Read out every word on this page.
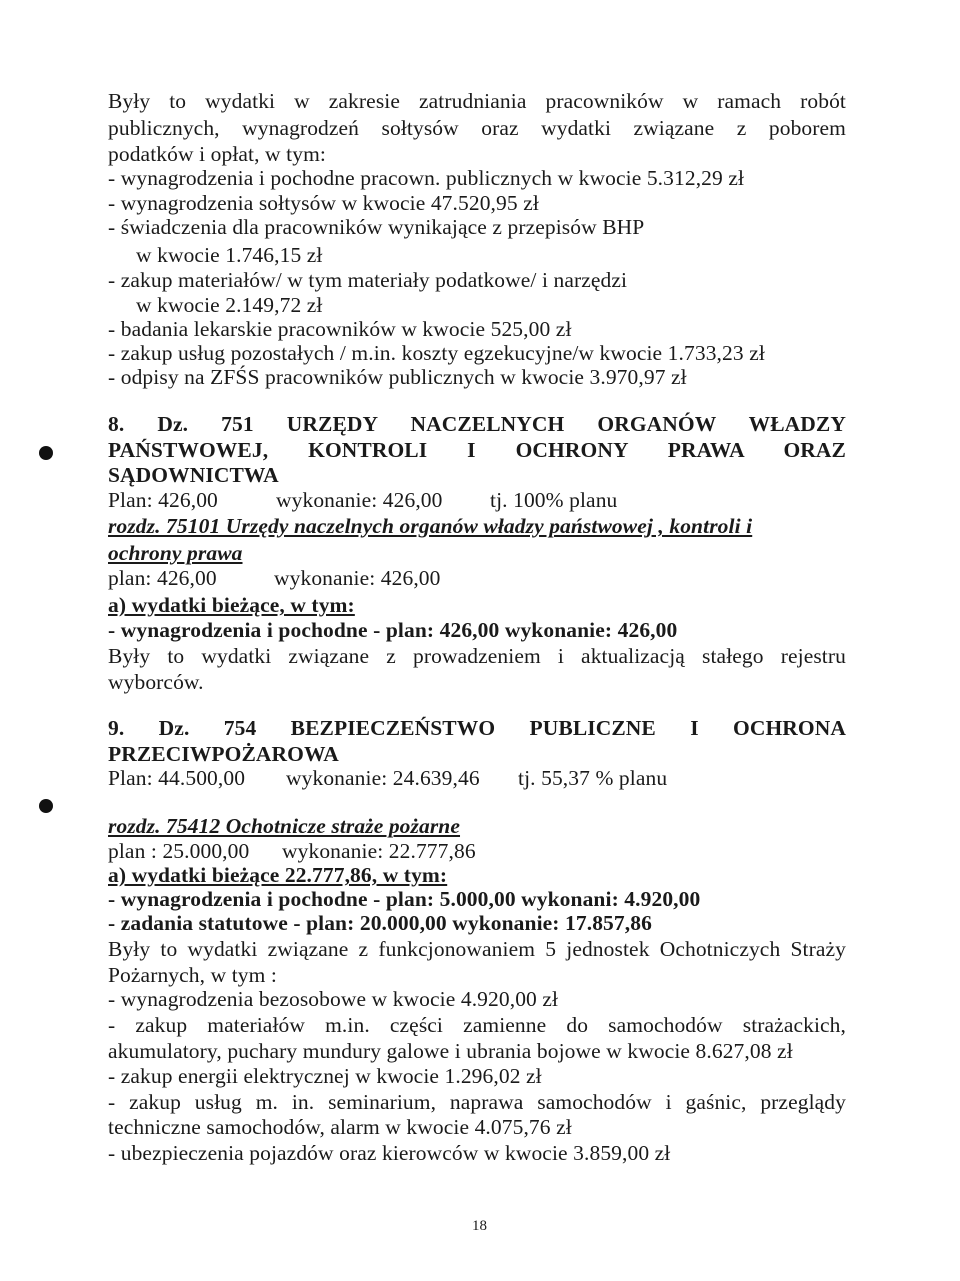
Były to wydatki w zakresie zatrudniania pracowników w ramach robót
publicznych, wynagrodzeń sołtysów oraz wydatki związane z poborem
podatków i opłat, w tym:
- wynagrodzenia i pochodne pracown. publicznych w kwocie 5.312,29 zł
- wynagrodzenia sołtysów w kwocie 47.520,95 zł
- świadczenia dla pracowników wynikające z przepisów BHP
w kwocie 1.746,15 zł
- zakup materiałów/ w tym materiały podatkowe/ i narzędzi
w kwocie 2.149,72 zł
- badania lekarskie pracowników w kwocie 525,00 zł
- zakup usług pozostałych / m.in. koszty egzekucyjne/w kwocie 1.733,23 zł
- odpisy na ZFŚS pracowników publicznych w kwocie 3.970,97 zł
8. Dz. 751 URZĘDY NACZELNYCH ORGANÓW WŁADZY
PAŃSTWOWEJ, KONTROLI I OCHRONY PRAWA ORAZ
SĄDOWNICTWA
Plan: 426,00	wykonanie: 426,00 tj. 100% planu
rozdz. 75101 Urzędy naczelnych organów władzy państwowej , kontroli i
ochrony prawa
plan: 426,00	wykonanie: 426,00
a) wydatki bieżące, w tym:
- wynagrodzenia i pochodne - plan: 426,00 wykonanie: 426,00
Były to wydatki związane z prowadzeniem i aktualizacją stałego rejestru
wyborców.
9. Dz. 754 BEZPIECZEŃSTWO PUBLICZNE I OCHRONA
PRZECIWPOŻAROWA
Plan: 44.500,00 wykonanie: 24.639,46 tj. 55,37 % planu
rozdz. 75412 Ochotnicze straże pożarne
plan : 25.000,00 wykonanie: 22.777,86
a) wydatki bieżące 22.777,86, w tym:
- wynagrodzenia i pochodne - plan: 5.000,00 wykonani: 4.920,00
- zadania statutowe - plan: 20.000,00 wykonanie: 17.857,86
Były to wydatki związane z funkcjonowaniem 5 jednostek Ochotniczych Straży
Pożarnych, w tym :
- wynagrodzenia bezosobowe w kwocie 4.920,00 zł
- zakup materiałów m.in. części zamienne do samochodów strażackich,
akumulatory, puchary mundury galowe i ubrania bojowe w kwocie 8.627,08 zł
- zakup energii elektrycznej w kwocie 1.296,02 zł
- zakup usług m. in. seminarium, naprawa samochodów i gaśnic, przeglądy
techniczne samochodów, alarm w kwocie 4.075,76 zł
- ubezpieczenia pojazdów oraz kierowców w kwocie 3.859,00 zł
18
